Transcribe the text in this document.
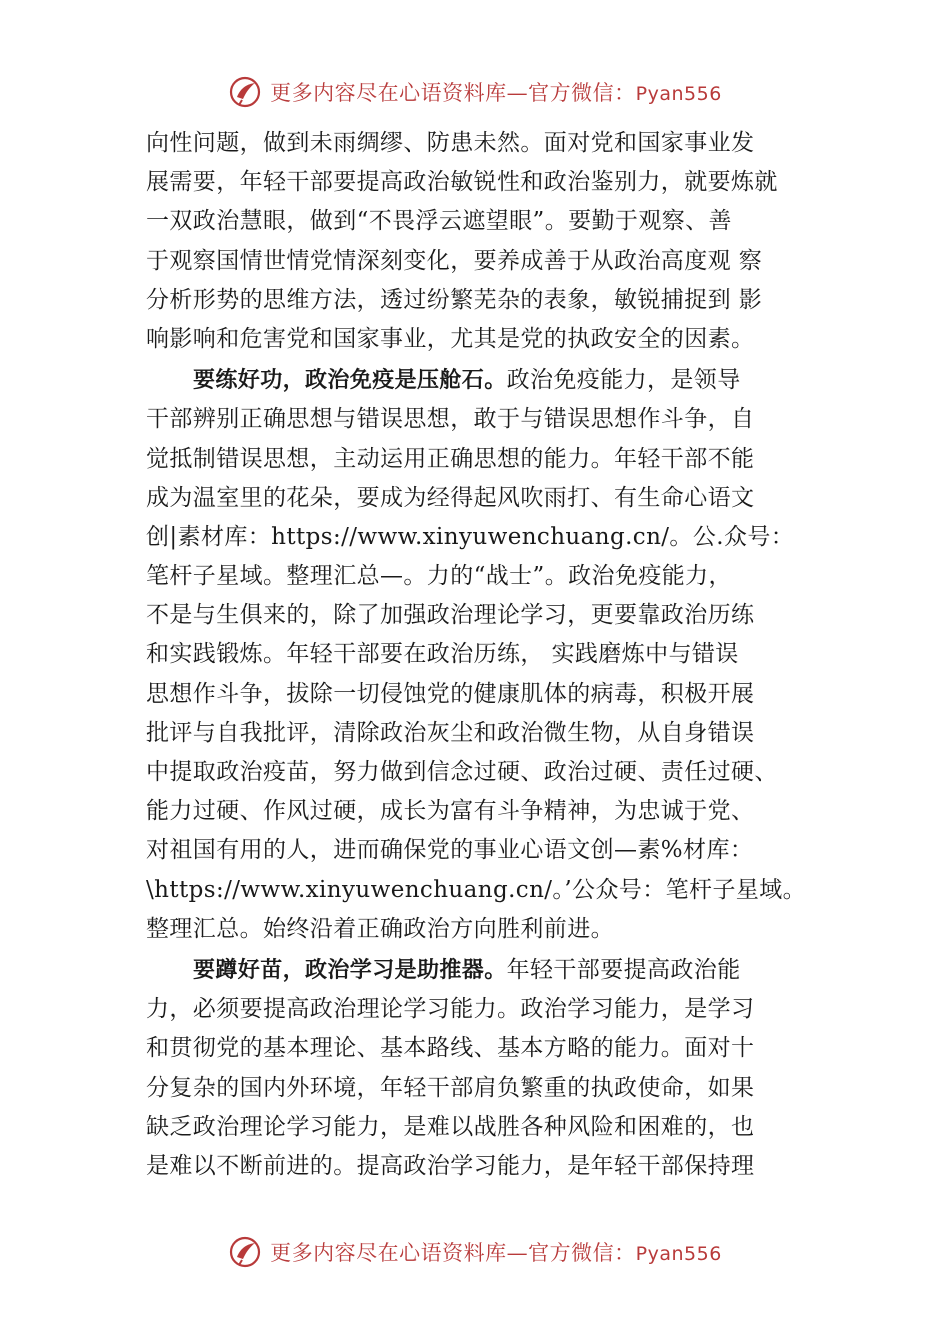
更多内容尽在心语资料库—官方微信：Pyan556
向性问题，做到未雨绸缪、防患未然。面对党和国家事业发
展需要，年轻干部要提高政治敏锐性和政治鉴别力，就要炼就
一双政治慧眼，做到“不畏浮云遮望眼”。要勤于观察、善
于观察国情世情党情深刻变化，要养成善于从政治高度观 察
分析形势的思维方法，透过纷繁芜杂的表象，敏锐捕捉到 影
响影响和危害党和国家事业，尤其是党的执政安全的因素。
要练好功，政治免疫是压舱石。政治免疫能力，是领导
干部辨别正确思想与错误思想，敢于与错误思想作斗争，自
觉抵制错误思想，主动运用正确思想的能力。年轻干部不能
成为温室里的花朵，要成为经得起风吹雨打、有生命心语文
创|素材库：https://www.xinyuwenchuang.cn/。公.众号：
笔杆子星域。整理汇总—。力的“战士”。政治免疫能力，
不是与生俱来的，除了加强政治理论学习，更要靠政治历练
和实践锻炼。年轻干部要在政治历练， 实践磨炼中与错误
思想作斗争，拔除一切侵蚀党的健康肌体的病毒，积极开展
批评与自我批评，清除政治灰尘和政治微生物，从自身错误
中提取政治疫苗，努力做到信念过硬、政治过硬、责任过硬、
能力过硬、作风过硬，成长为富有斗争精神，为忠诚于党、
对祖国有用的人，进而确保党的事业心语文创—素%材库：
\https://www.xinyuwenchuang.cn/。’公众号：笔杆子星域。
整理汇总。始终沿着正确政治方向胜利前进。
要蹲好苗，政治学习是助推器。年轻干部要提高政治能
力，必须要提高政治理论学习能力。政治学习能力，是学习
和贯彻党的基本理论、基本路线、基本方略的能力。面对十
分复杂的国内外环境，年轻干部肩负繁重的执政使命，如果
缺乏政治理论学习能力，是难以战胜各种风险和困难的，也
是难以不断前进的。提高政治学习能力，是年轻干部保持理
更多内容尽在心语资料库—官方微信：Pyan556
